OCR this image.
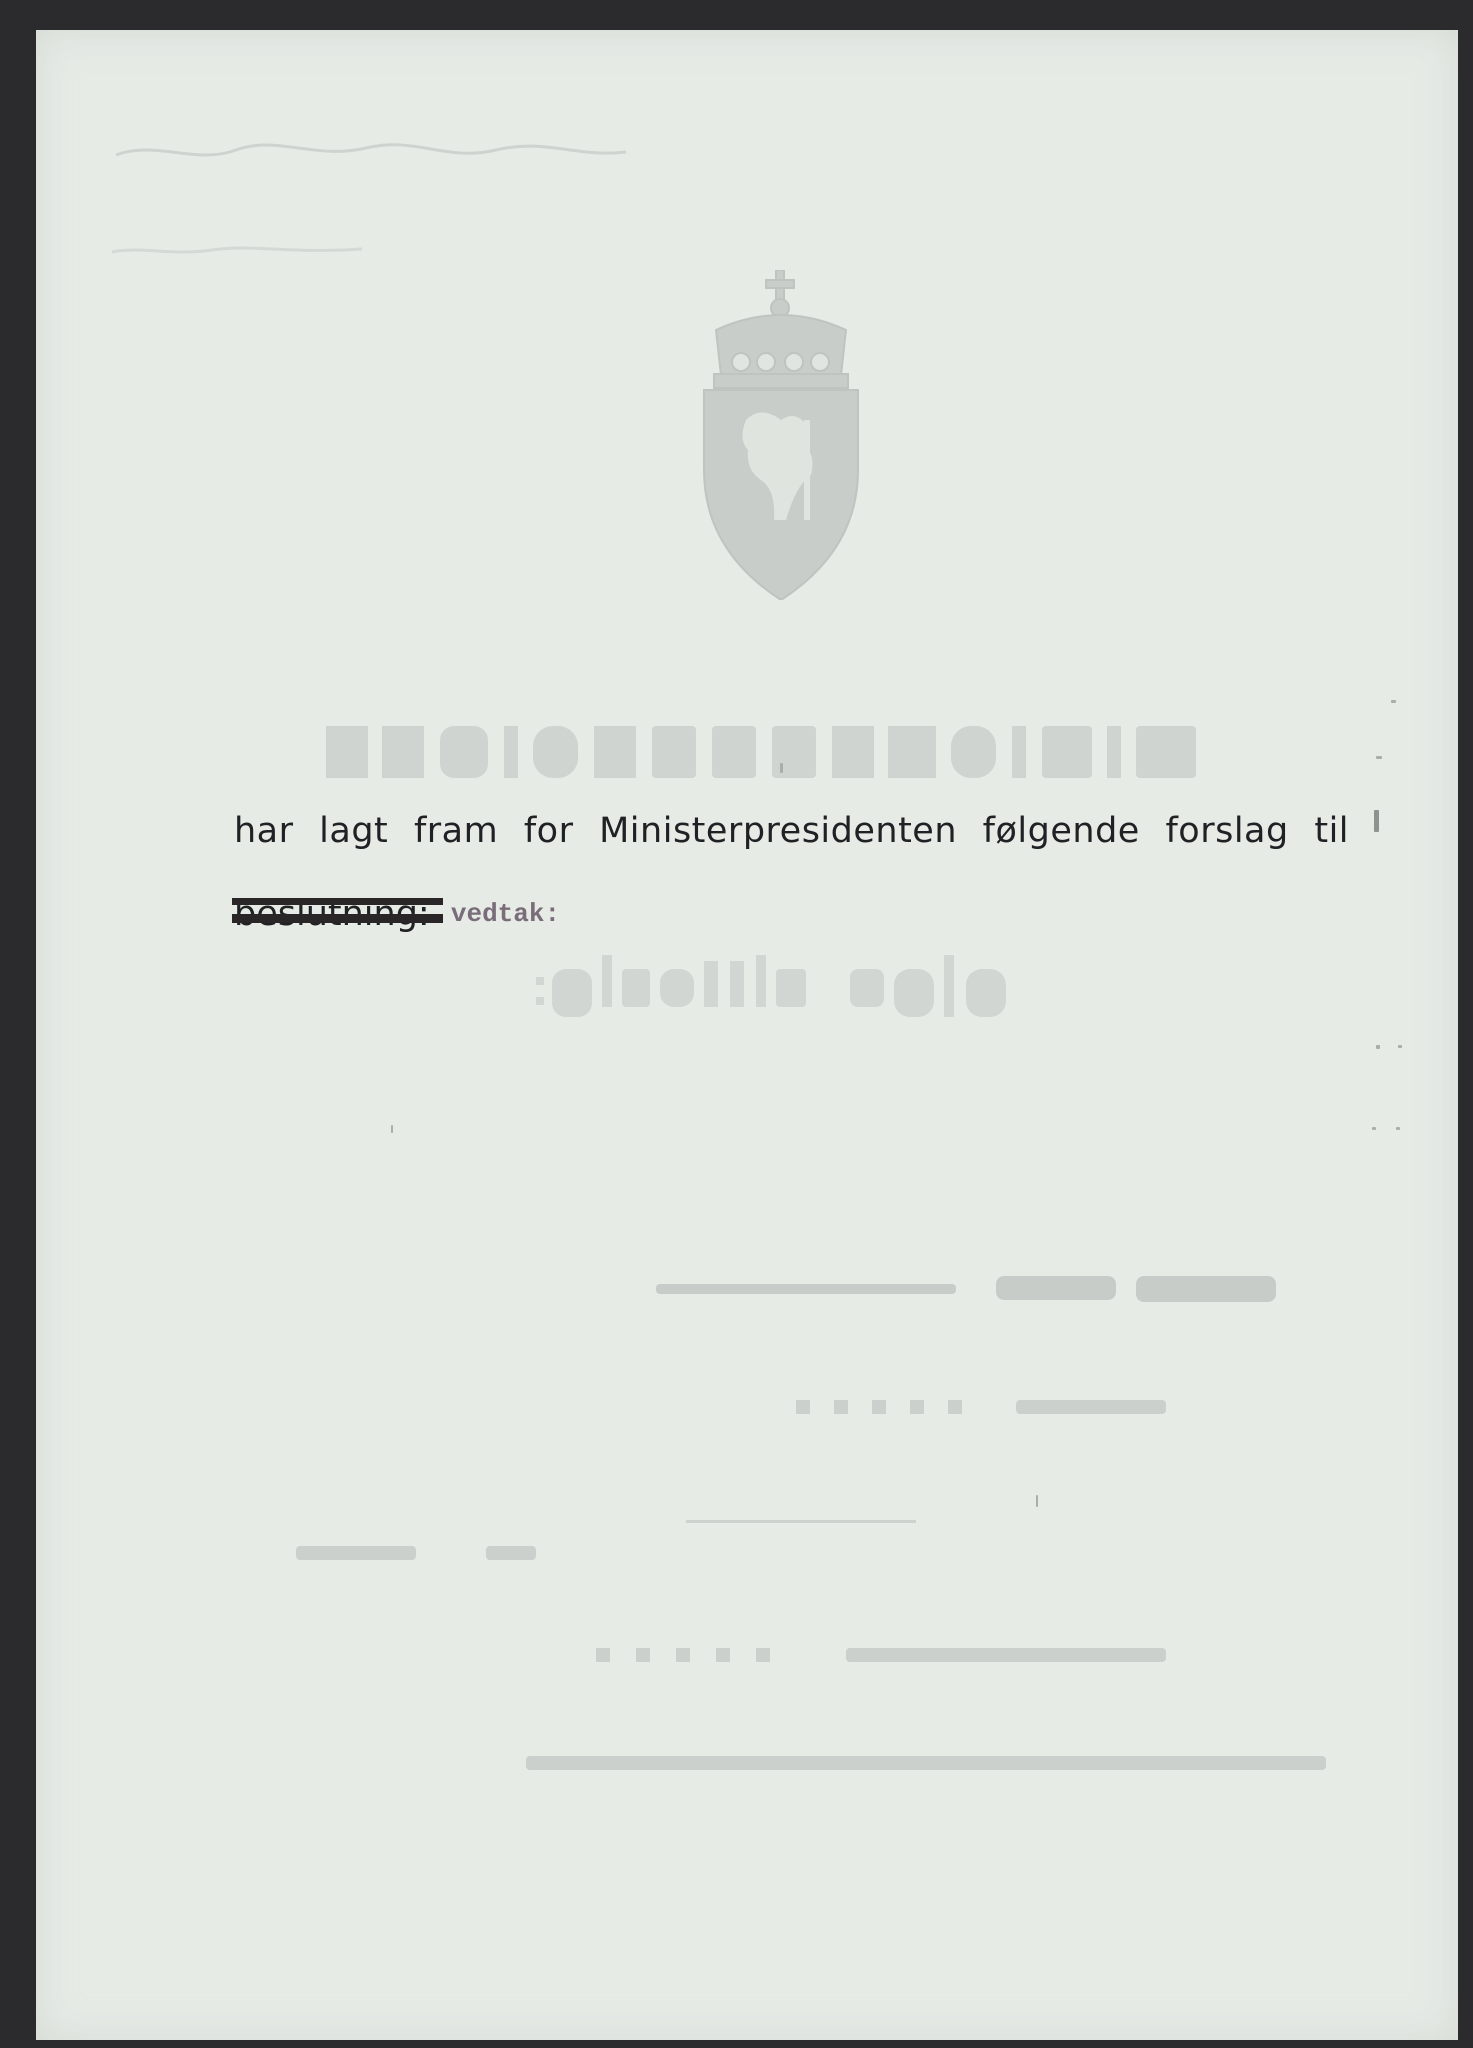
har lagt fram for Ministerpresidenten følgende forslag til
vedtak:
